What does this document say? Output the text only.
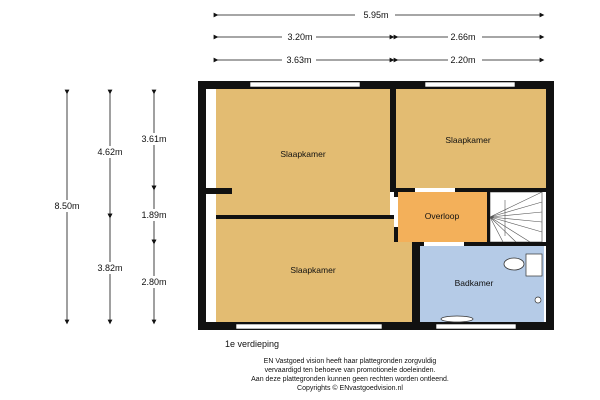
5.95m
3.20m	2.66m
3.63m	2.20m
8.50m
4.62m
3.82m
3.61m
1.89m
2.80m
Slaapkamer
Slaapkamer
Overloop
Slaapkamer
Badkamer
1e verdieping
EN Vastgoed vision heeft haar plattegronden zorgvuldig
vervaardigd ten behoeve van promotionele doeleinden.
Aan deze plattegronden kunnen geen rechten worden ontleend.
Copyrights © ENvastgoedvision.nl
